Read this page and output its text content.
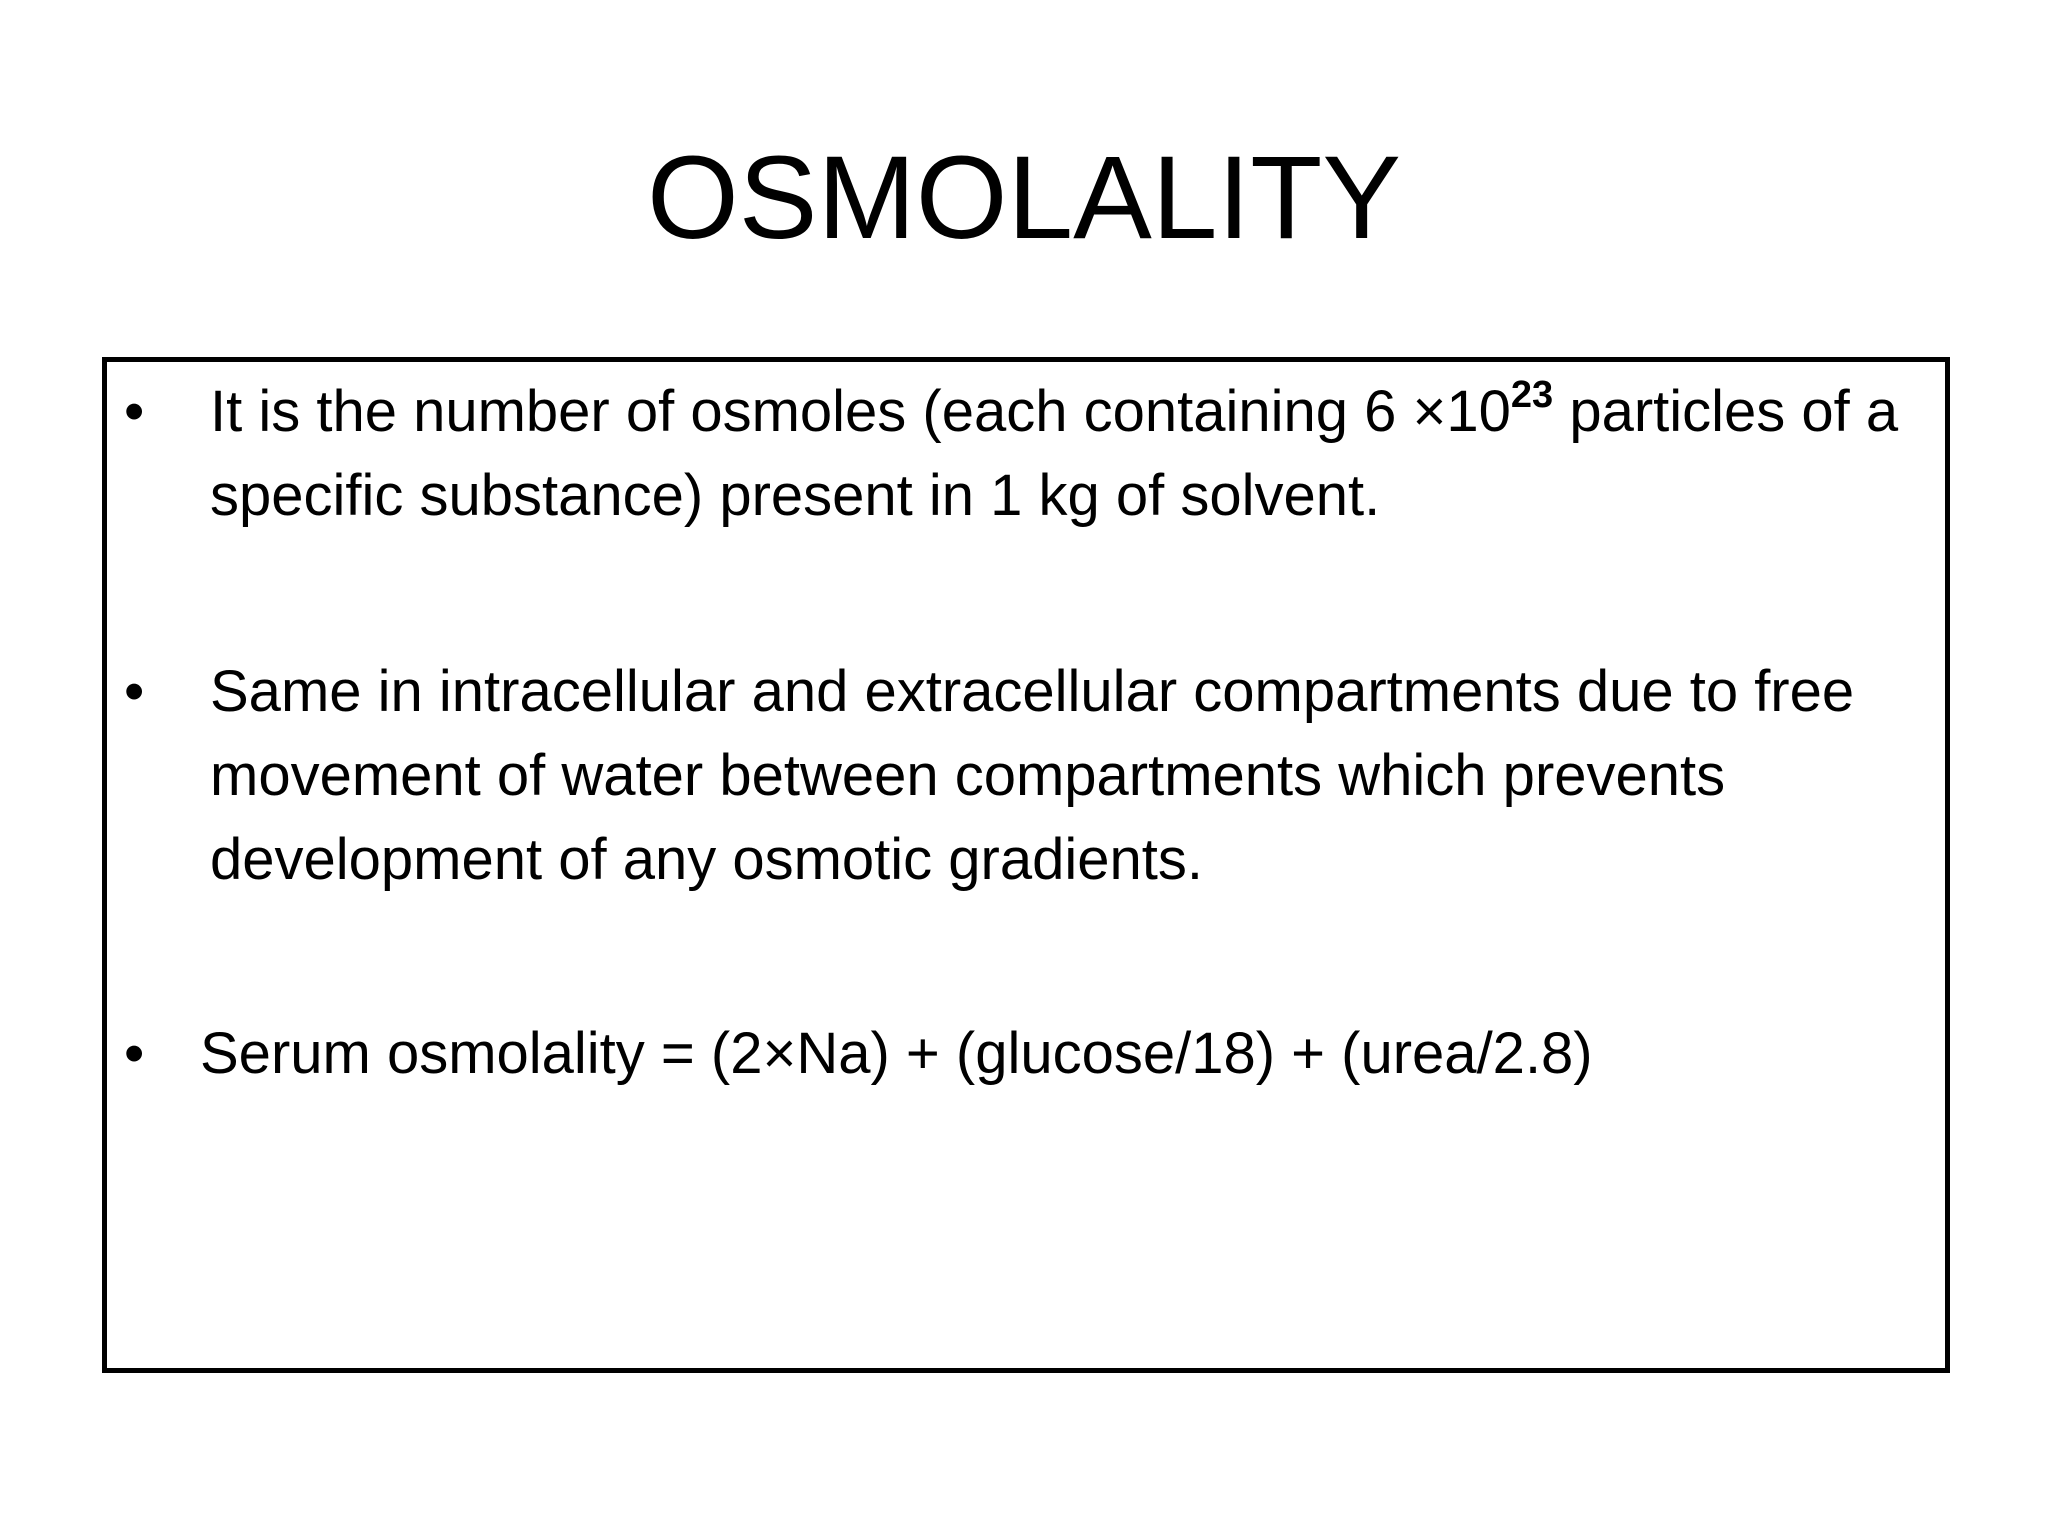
OSMOLALITY
•	It is the number of osmoles (each containing $6 \times 10^{23}$ particles of a specific substance) present in 1 kg of solvent.
•	Same in intracellular and extracellular compartments due to free movement of water between compartments which prevents development of any osmotic gradients.
• Serum osmolality = (2×Na) + (glucose/18) + (urea/2.8)
